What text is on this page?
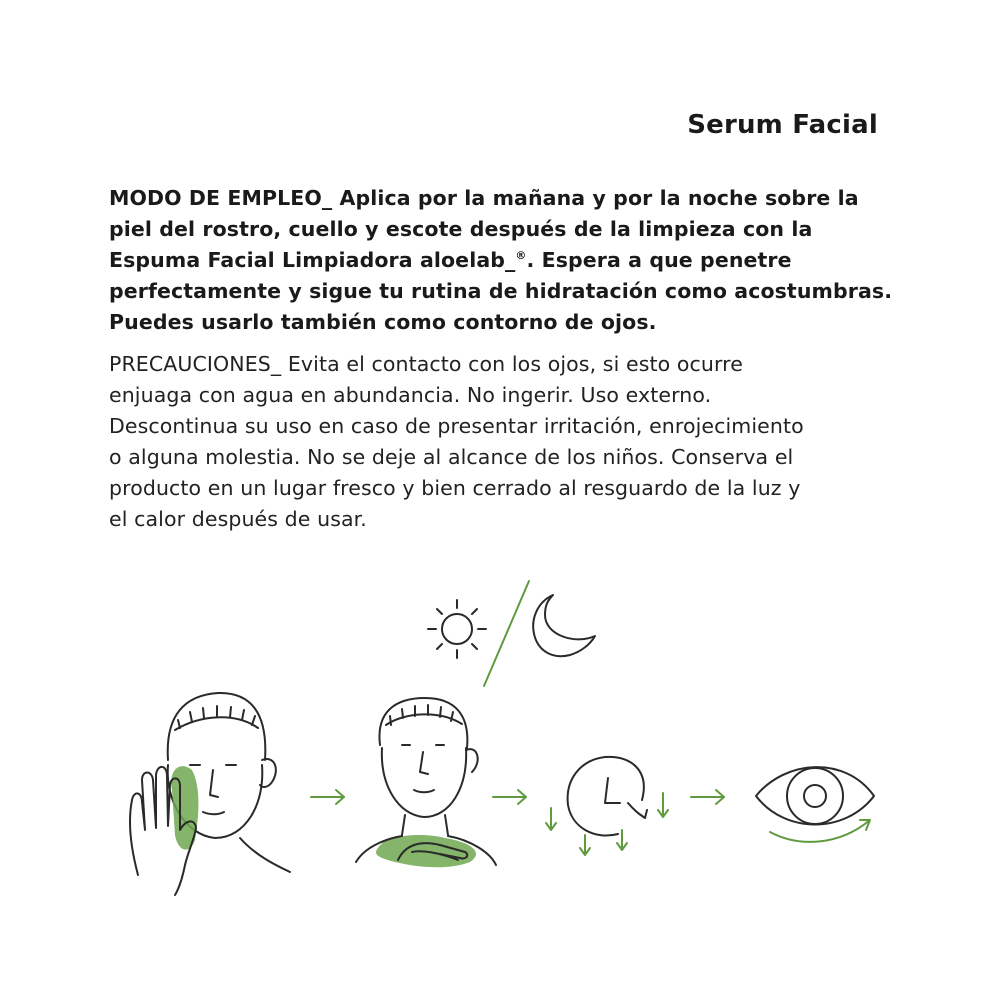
Serum Facial
MODO DE EMPLEO_ Aplica por la mañana y por la noche sobre la
piel del rostro, cuello y escote después de la limpieza con la
Espuma Facial Limpiadora aloelab_®. Espera a que penetre
perfectamente y sigue tu rutina de hidratación como acostumbras.
Puedes usarlo también como contorno de ojos.
PRECAUCIONES_ Evita el contacto con los ojos, si esto ocurre
enjuaga con agua en abundancia. No ingerir. Uso externo.
Descontinua su uso en caso de presentar irritación, enrojecimiento
o alguna molestia. No se deje al alcance de los niños. Conserva el
producto en un lugar fresco y bien cerrado al resguardo de la luz y
el calor después de usar.
